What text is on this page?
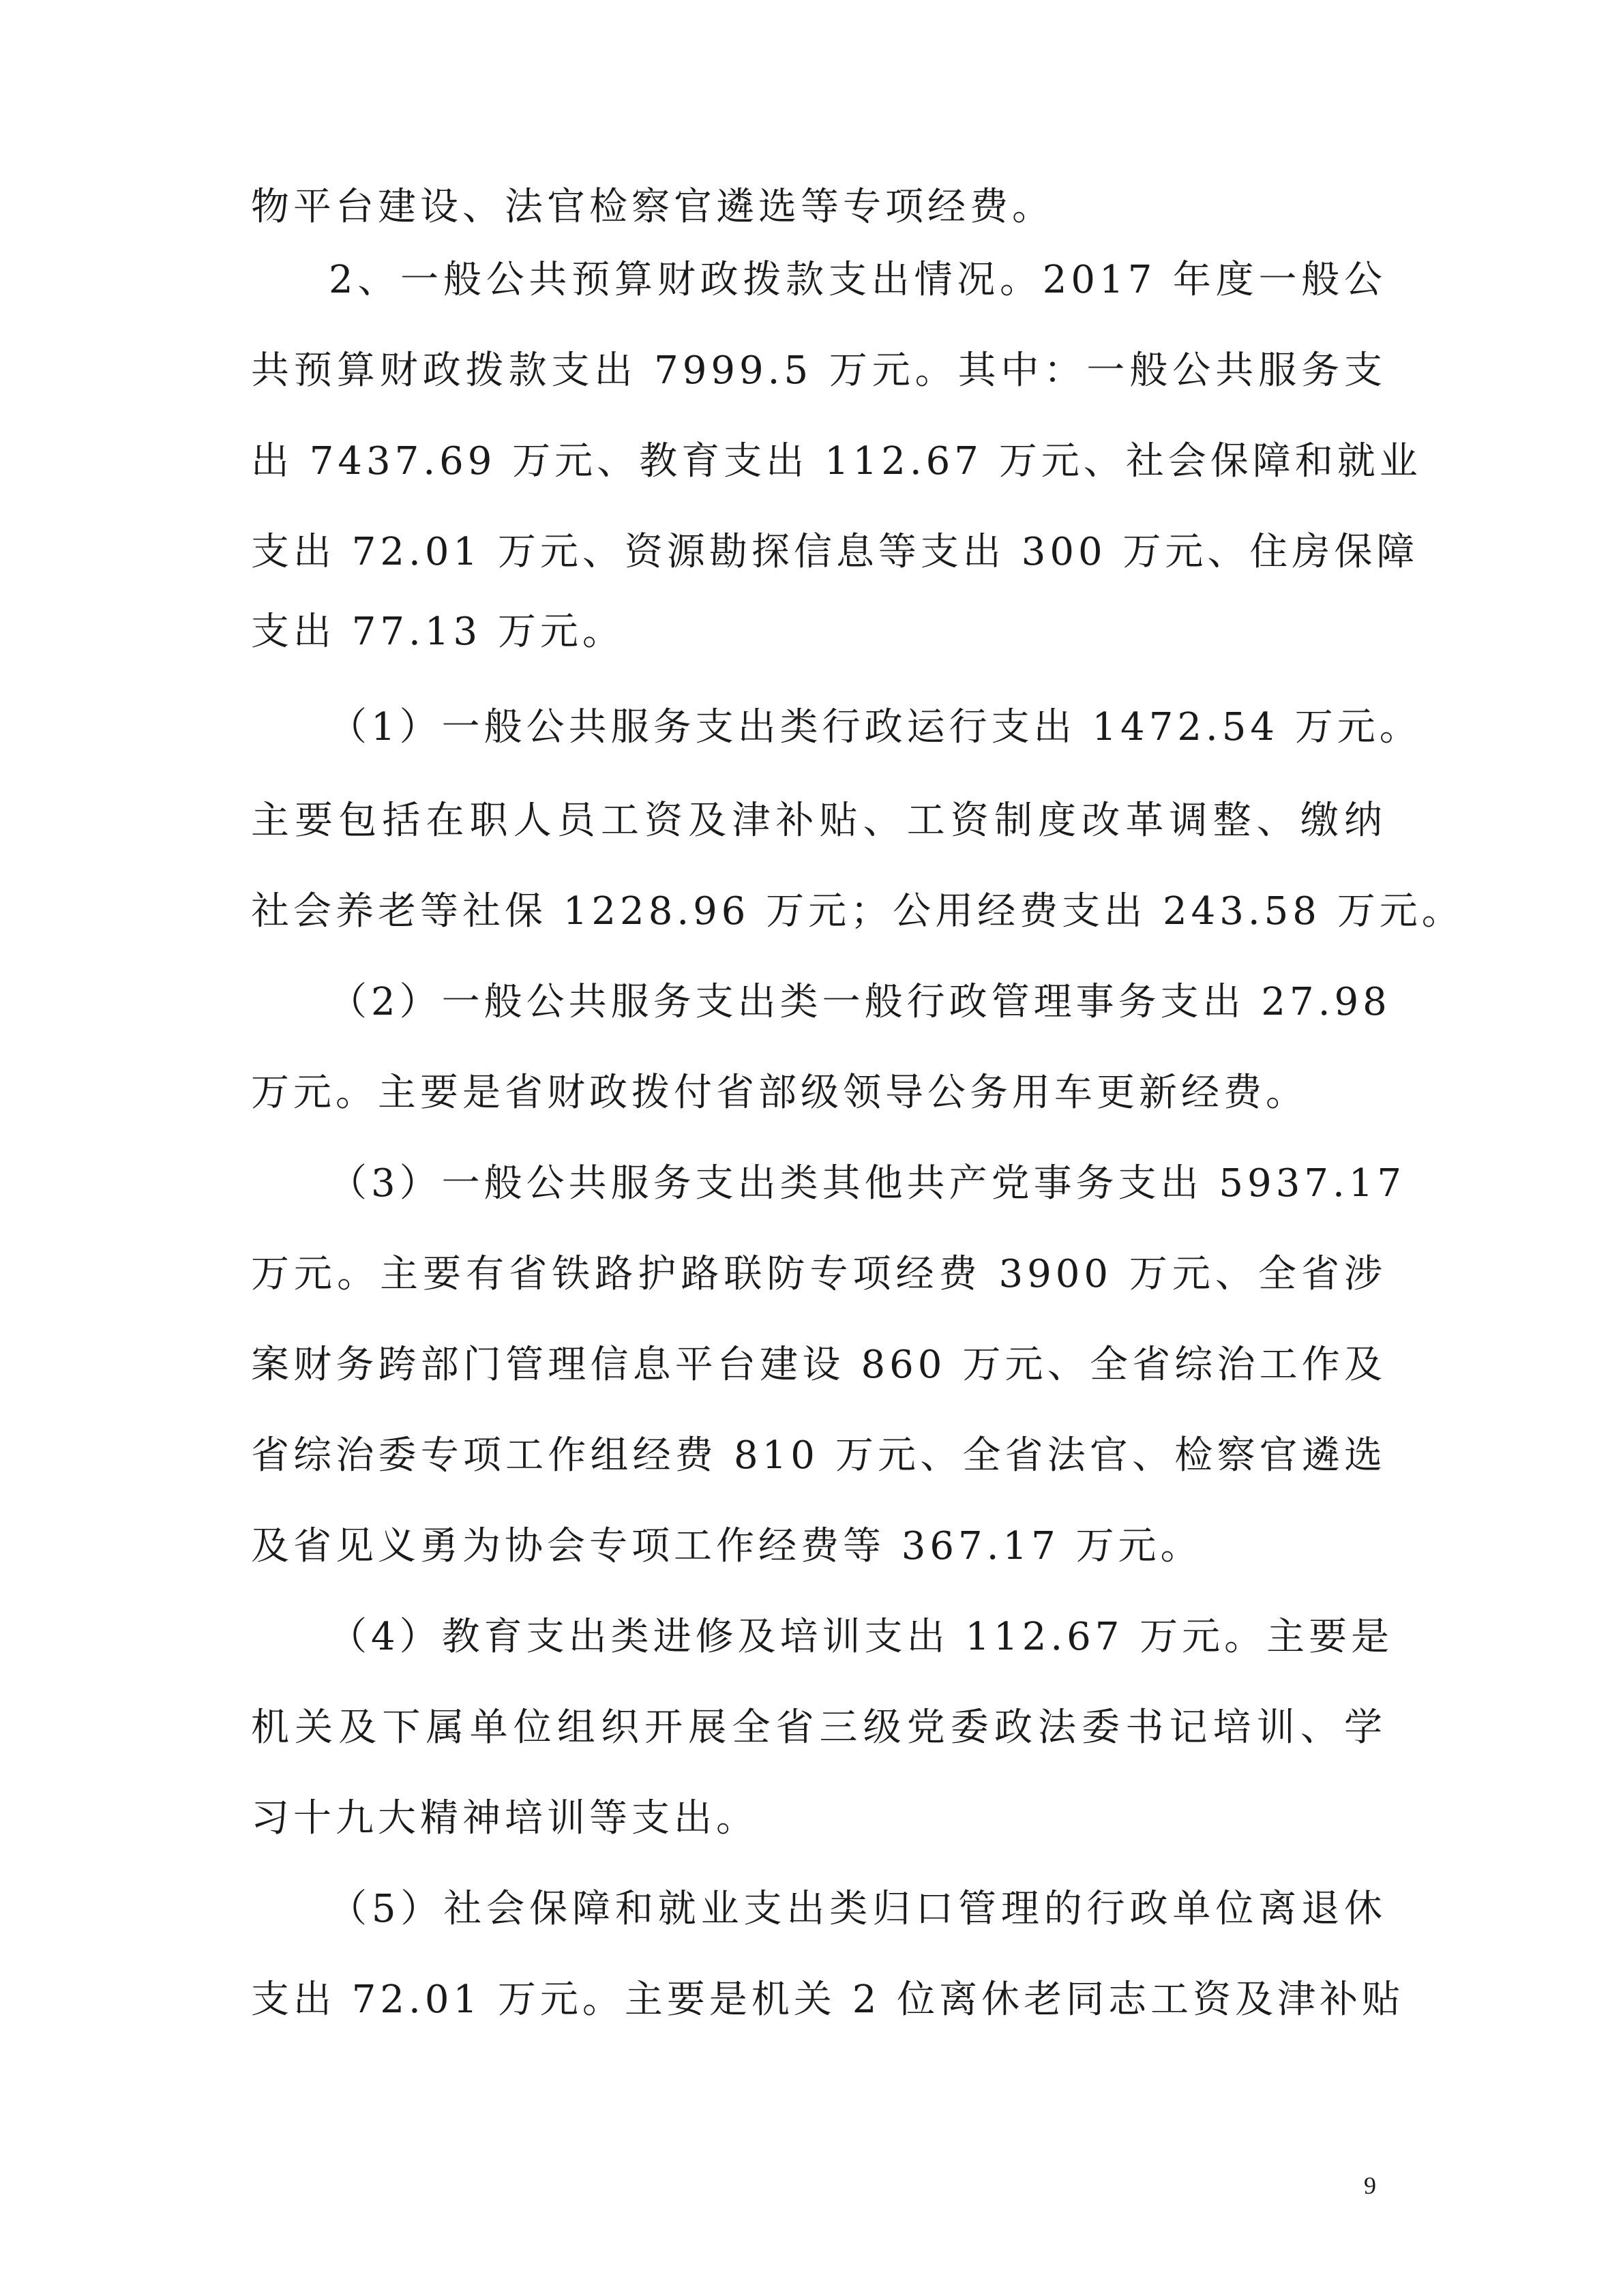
物平台建设、法官检察官遴选等专项经费。
2、一般公共预算财政拨款支出情况。2017 年度一般公
共预算财政拨款支出 7999.5 万元。其中：一般公共服务支
出 7437.69 万元、教育支出 112.67 万元、社会保障和就业
支出 72.01 万元、资源勘探信息等支出 300 万元、住房保障
支出 77.13 万元。
（1）一般公共服务支出类行政运行支出 1472.54 万元。
主要包括在职人员工资及津补贴、工资制度改革调整、缴纳
社会养老等社保 1228.96 万元；公用经费支出 243.58 万元。
（2）一般公共服务支出类一般行政管理事务支出 27.98
万元。主要是省财政拨付省部级领导公务用车更新经费。
（3）一般公共服务支出类其他共产党事务支出 5937.17
万元。主要有省铁路护路联防专项经费 3900 万元、全省涉
案财务跨部门管理信息平台建设 860 万元、全省综治工作及
省综治委专项工作组经费 810 万元、全省法官、检察官遴选
及省见义勇为协会专项工作经费等 367.17 万元。
（4）教育支出类进修及培训支出 112.67 万元。主要是
机关及下属单位组织开展全省三级党委政法委书记培训、学
习十九大精神培训等支出。
（5）社会保障和就业支出类归口管理的行政单位离退休
支出 72.01 万元。主要是机关 2 位离休老同志工资及津补贴
9
